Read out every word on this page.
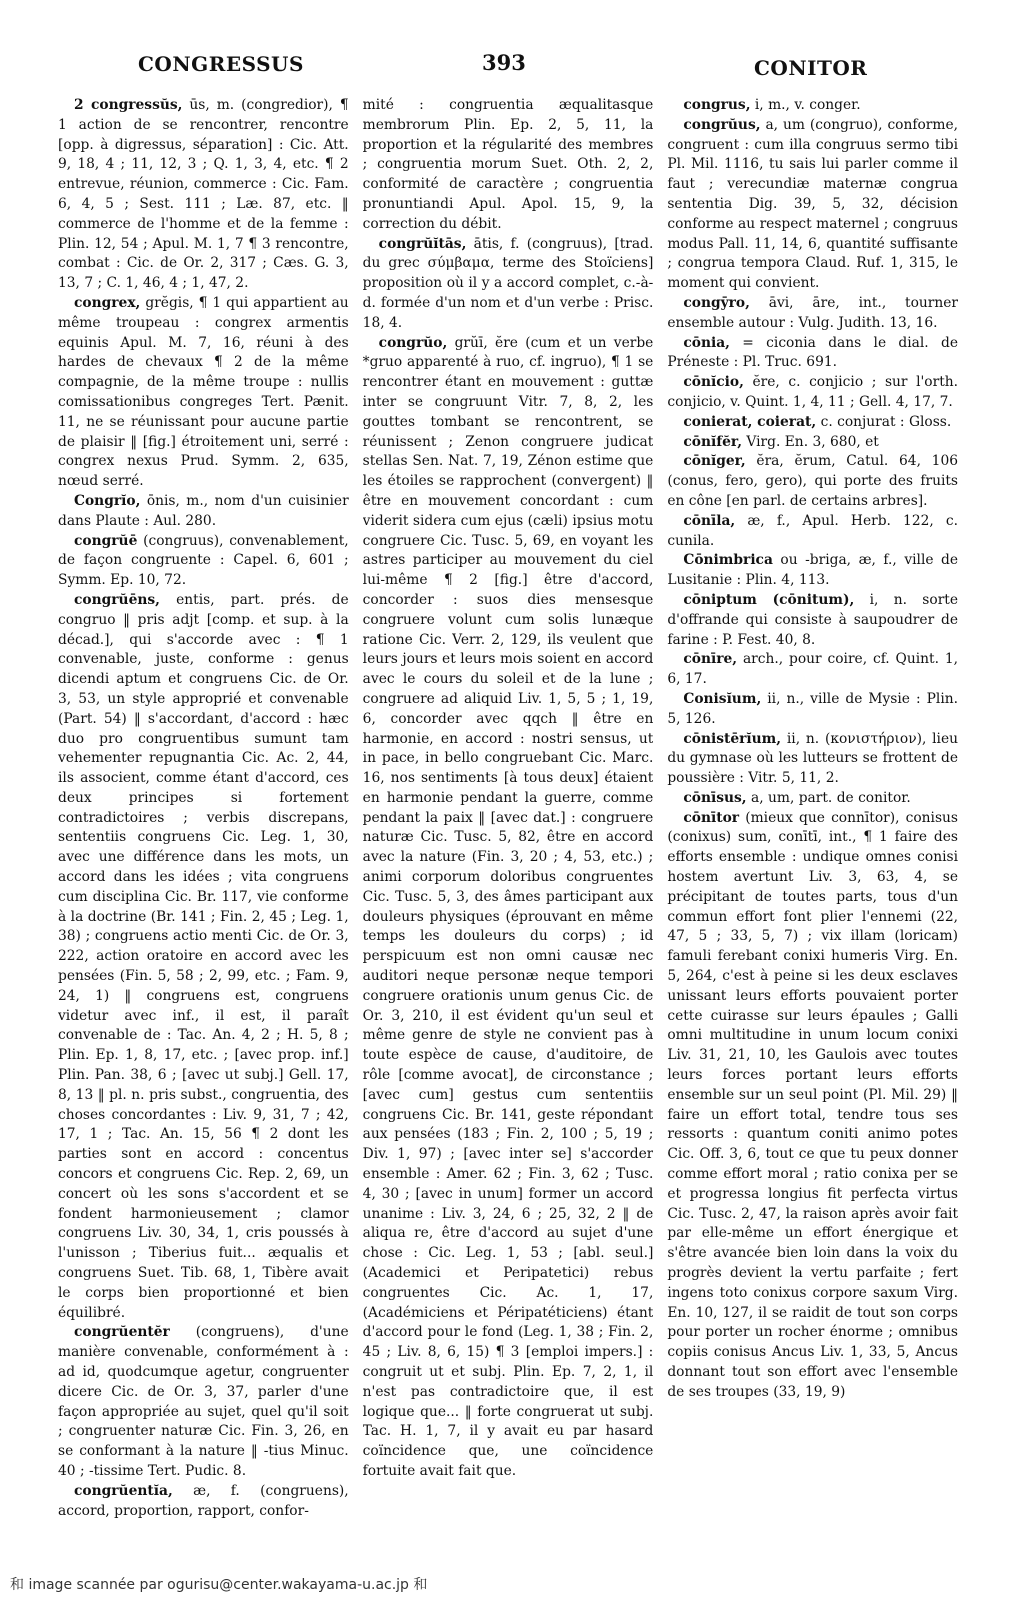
CONGRESSUS	393	CONITOR

2 congressŭs, ūs, m. (congredior), ¶ 1 action de se rencontrer, rencontre [opp. à digressus, séparation] : Cic. Att. 9, 18, 4 ; 11, 12, 3 ; Q. 1, 3, 4, etc. ¶ 2 entrevue, réunion, commerce : Cic. Fam. 6, 4, 5 ; Sest. 111 ; Læ. 87, etc. ‖ commerce de l'homme et de la femme : Plin. 12, 54 ; Apul. M. 1, 7 ¶ 3 rencontre, combat : Cic. de Or. 2, 317 ; Cæs. G. 3, 13, 7 ; C. 1, 46, 4 ; 1, 47, 2.

congrex, grĕgis, ¶ 1 qui appartient au même troupeau : congrex armentis equinis Apul. M. 7, 16, réuni à des hardes de chevaux ¶ 2 de la même compagnie, de la même troupe : nullis comissationibus congreges Tert. Pænit. 11, ne se réunissant pour aucune partie de plaisir ‖ [fig.] étroitement uni, serré : congrex nexus Prud. Symm. 2, 635, nœud serré.

Congrĭo, ōnis, m., nom d'un cuisinier dans Plaute : Aul. 280.

congrŭē (congruus), convenablement, de façon congruente : Capel. 6, 601 ; Symm. Ep. 10, 72.

congrŭēns, entis, part. prés. de congruo ‖ pris adjt [comp. et sup. à la décad.], qui s'accorde avec : ¶ 1 convenable, juste, conforme : genus dicendi aptum et congruens Cic. de Or. 3, 53, un style approprié et convenable (Part. 54) ‖ s'accordant, d'accord : hæc duo pro congruentibus sumunt tam vehementer repugnantia Cic. Ac. 2, 44, ils associent, comme étant d'accord, ces deux principes si fortement contradictoires ; verbis discrepans, sententiis congruens Cic. Leg. 1, 30, avec une différence dans les mots, un accord dans les idées ; vita congruens cum disciplina Cic. Br. 117, vie conforme à la doctrine (Br. 141 ; Fin. 2, 45 ; Leg. 1, 38) ; congruens actio menti Cic. de Or. 3, 222, action oratoire en accord avec les pensées (Fin. 5, 58 ; 2, 99, etc. ; Fam. 9, 24, 1) ‖ congruens est, congruens videtur avec inf., il est, il paraît convenable de : Tac. An. 4, 2 ; H. 5, 8 ; Plin. Ep. 1, 8, 17, etc. ; [avec prop. inf.] Plin. Pan. 38, 6 ; [avec ut subj.] Gell. 17, 8, 13 ‖ pl. n. pris subst., congruentia, des choses concordantes : Liv. 9, 31, 7 ; 42, 17, 1 ; Tac. An. 15, 56 ¶ 2 dont les parties sont en accord : concentus concors et congruens Cic. Rep. 2, 69, un concert où les sons s'accordent et se fondent harmonieusement ; clamor congruens Liv. 30, 34, 1, cris poussés à l'unisson ; Tiberius fuit... æqualis et congruens Suet. Tib. 68, 1, Tibère avait le corps bien proportionné et bien équilibré.

congrŭentĕr (congruens), d'une manière convenable, conformément à : ad id, quodcumque agetur, congruenter dicere Cic. de Or. 3, 37, parler d'une façon appropriée au sujet, quel qu'il soit ; congruenter naturæ Cic. Fin. 3, 26, en se conformant à la nature ‖ -tius Minuc. 40 ; -tissime Tert. Pudic. 8.

congrŭentĭa, æ, f. (congruens), accord, proportion, rapport, confor-

mité : congruentia æqualitasque membrorum Plin. Ep. 2, 5, 11, la proportion et la régularité des membres ; congruentia morum Suet. Oth. 2, 2, conformité de caractère ; congruentia pronuntiandi Apul. Apol. 15, 9, la correction du débit.

congrŭĭtās, ātis, f. (congruus), [trad. du grec σύμβαμα, terme des Stoïciens] proposition où il y a accord complet, c.-à-d. formée d'un nom et d'un verbe : Prisc. 18, 4.

congrŭo, grŭī, ĕre (cum et un verbe *gruo apparenté à ruo, cf. ingruo), ¶ 1 se rencontrer étant en mouvement : guttæ inter se congruunt Vitr. 7, 8, 2, les gouttes tombant se rencontrent, se réunissent ; Zenon congruere judicat stellas Sen. Nat. 7, 19, Zénon estime que les étoiles se rapprochent (convergent) ‖ être en mouvement concordant : cum viderit sidera cum ejus (cæli) ipsius motu congruere Cic. Tusc. 5, 69, en voyant les astres participer au mouvement du ciel lui-même ¶ 2 [fig.] être d'accord, concorder : suos dies mensesque congruere volunt cum solis lunæque ratione Cic. Verr. 2, 129, ils veulent que leurs jours et leurs mois soient en accord avec le cours du soleil et de la lune ; congruere ad aliquid Liv. 1, 5, 5 ; 1, 19, 6, concorder avec qqch ‖ être en harmonie, en accord : nostri sensus, ut in pace, in bello congruebant Cic. Marc. 16, nos sentiments [à tous deux] étaient en harmonie pendant la guerre, comme pendant la paix ‖ [avec dat.] : congruere naturæ Cic. Tusc. 5, 82, être en accord avec la nature (Fin. 3, 20 ; 4, 53, etc.) ; animi corporum doloribus congruentes Cic. Tusc. 5, 3, des âmes participant aux douleurs physiques (éprouvant en même temps les douleurs du corps) ; id perspicuum est non omni causæ nec auditori neque personæ neque tempori congruere orationis unum genus Cic. de Or. 3, 210, il est évident qu'un seul et même genre de style ne convient pas à toute espèce de cause, d'auditoire, de rôle [comme avocat], de circonstance ; [avec cum] gestus cum sententiis congruens Cic. Br. 141, geste répondant aux pensées (183 ; Fin. 2, 100 ; 5, 19 ; Div. 1, 97) ; [avec inter se] s'accorder ensemble : Amer. 62 ; Fin. 3, 62 ; Tusc. 4, 30 ; [avec in unum] former un accord unanime : Liv. 3, 24, 6 ; 25, 32, 2 ‖ de aliqua re, être d'accord au sujet d'une chose : Cic. Leg. 1, 53 ; [abl. seul.] (Academici et Peripatetici) rebus congruentes Cic. Ac. 1, 17, (Académiciens et Péripatéticiens) étant d'accord pour le fond (Leg. 1, 38 ; Fin. 2, 45 ; Liv. 8, 6, 15) ¶ 3 [emploi impers.] : congruit ut et subj. Plin. Ep. 7, 2, 1, il n'est pas contradictoire que, il est logique que... ‖ forte congruerat ut subj. Tac. H. 1, 7, il y avait eu par hasard coïncidence que, une coïncidence fortuite avait fait que.

congrus, i, m., v. conger.

congrŭus, a, um (congruo), conforme, congruent : cum illa congruus sermo tibi Pl. Mil. 1116, tu sais lui parler comme il faut ; verecundiæ maternæ congrua sententia Dig. 39, 5, 32, décision conforme au respect maternel ; congruus modus Pall. 11, 14, 6, quantité suffisante ; congrua tempora Claud. Ruf. 1, 315, le moment qui convient.

congȳro, āvi, āre, int., tourner ensemble autour : Vulg. Judith. 13, 16.

cōnia, = ciconia dans le dial. de Préneste : Pl. Truc. 691.

cōnĭcio, ĕre, c. conjicio ; sur l'orth. conjicio, v. Quint. 1, 4, 11 ; Gell. 4, 17, 7.

conierat, coierat, c. conjurat : Gloss.

cōnĭfĕr, Virg. En. 3, 680, et

cōnĭger, ĕra, ĕrum, Catul. 64, 106 (conus, fero, gero), qui porte des fruits en cône [en parl. de certains arbres].

cōnīla, æ, f., Apul. Herb. 122, c. cunila.

Cōnimbrica ou -briga, æ, f., ville de Lusitanie : Plin. 4, 113.

cōniptum (cōnitum), i, n. sorte d'offrande qui consiste à saupoudrer de farine : P. Fest. 40, 8.

cōnīre, arch., pour coire, cf. Quint. 1, 6, 17.

Conisĭum, ii, n., ville de Mysie : Plin. 5, 126.

cōnistērĭum, ii, n. (κονιστήριον), lieu du gymnase où les lutteurs se frottent de poussière : Vitr. 5, 11, 2.

cōnīsus, a, um, part. de conitor.

cōnītor (mieux que connītor), conisus (conixus) sum, conītī, int., ¶ 1 faire des efforts ensemble : undique omnes conisi hostem avertunt Liv. 3, 63, 4, se précipitant de toutes parts, tous d'un commun effort font plier l'ennemi (22, 47, 5 ; 33, 5, 7) ; vix illam (loricam) famuli ferebant conixi humeris Virg. En. 5, 264, c'est à peine si les deux esclaves unissant leurs efforts pouvaient porter cette cuirasse sur leurs épaules ; Galli omni multitudine in unum locum conixi Liv. 31, 21, 10, les Gaulois avec toutes leurs forces portant leurs efforts ensemble sur un seul point (Pl. Mil. 29) ‖ faire un effort total, tendre tous ses ressorts : quantum coniti animo potes Cic. Off. 3, 6, tout ce que tu peux donner comme effort moral ; ratio conixa per se et progressa longius fit perfecta virtus Cic. Tusc. 2, 47, la raison après avoir fait par elle-même un effort énergique et s'être avancée bien loin dans la voix du progrès devient la vertu parfaite ; fert ingens toto conixus corpore saxum Virg. En. 10, 127, il se raidit de tout son corps pour porter un rocher énorme ; omnibus copiis conisus Ancus Liv. 1, 33, 5, Ancus donnant tout son effort avec l'ensemble de ses troupes (33, 19, 9)

和 image scannée par ogurisu@center.wakayama-u.ac.jp 和
